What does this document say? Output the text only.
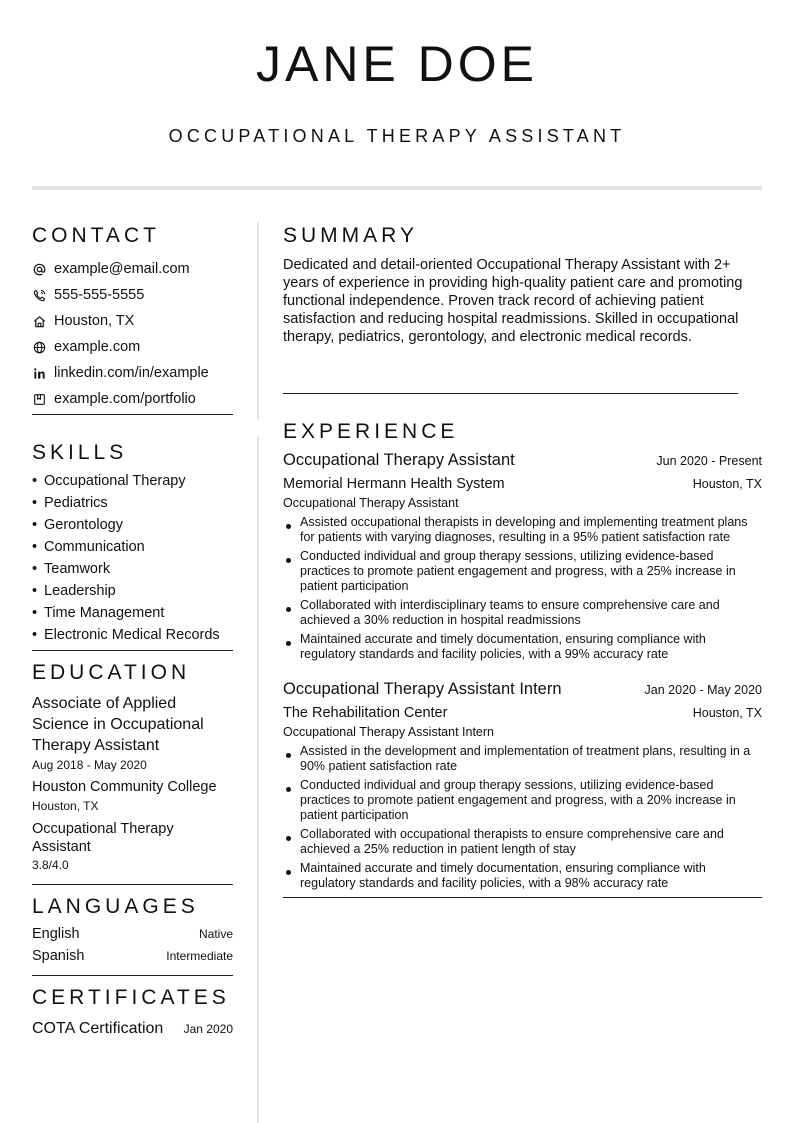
JANE DOE
OCCUPATIONAL THERAPY ASSISTANT
CONTACT
example@email.com
555-555-5555
Houston, TX
example.com
linkedin.com/in/example
example.com/portfolio
SKILLS
• Occupational Therapy
• Pediatrics
• Gerontology
• Communication
• Teamwork
• Leadership
• Time Management
• Electronic Medical Records
EDUCATION
Associate of Applied Science in Occupational Therapy Assistant
Aug 2018 - May 2020
Houston Community College
Houston, TX
Occupational Therapy Assistant
3.8/4.0
LANGUAGES
English	Native
Spanish	Intermediate
CERTIFICATES
COTA Certification Jan 2020
SUMMARY
Dedicated and detail-oriented Occupational Therapy Assistant with 2+ years of experience in providing high-quality patient care and promoting functional independence. Proven track record of achieving patient satisfaction and reducing hospital readmissions. Skilled in occupational therapy, pediatrics, gerontology, and electronic medical records.
EXPERIENCE
Occupational Therapy Assistant	Jun 2020 - Present
Memorial Hermann Health System	Houston, TX
Occupational Therapy Assistant
Assisted occupational therapists in developing and implementing treatment plans for patients with varying diagnoses, resulting in a 95% patient satisfaction rate
Conducted individual and group therapy sessions, utilizing evidence-based practices to promote patient engagement and progress, with a 25% increase in patient participation
Collaborated with interdisciplinary teams to ensure comprehensive care and achieved a 30% reduction in hospital readmissions
Maintained accurate and timely documentation, ensuring compliance with regulatory standards and facility policies, with a 99% accuracy rate
Occupational Therapy Assistant Intern	Jan 2020 - May 2020
The Rehabilitation Center	Houston, TX
Occupational Therapy Assistant Intern
Assisted in the development and implementation of treatment plans, resulting in a 90% patient satisfaction rate
Conducted individual and group therapy sessions, utilizing evidence-based practices to promote patient engagement and progress, with a 20% increase in patient participation
Collaborated with occupational therapists to ensure comprehensive care and achieved a 25% reduction in patient length of stay
Maintained accurate and timely documentation, ensuring compliance with regulatory standards and facility policies, with a 98% accuracy rate
